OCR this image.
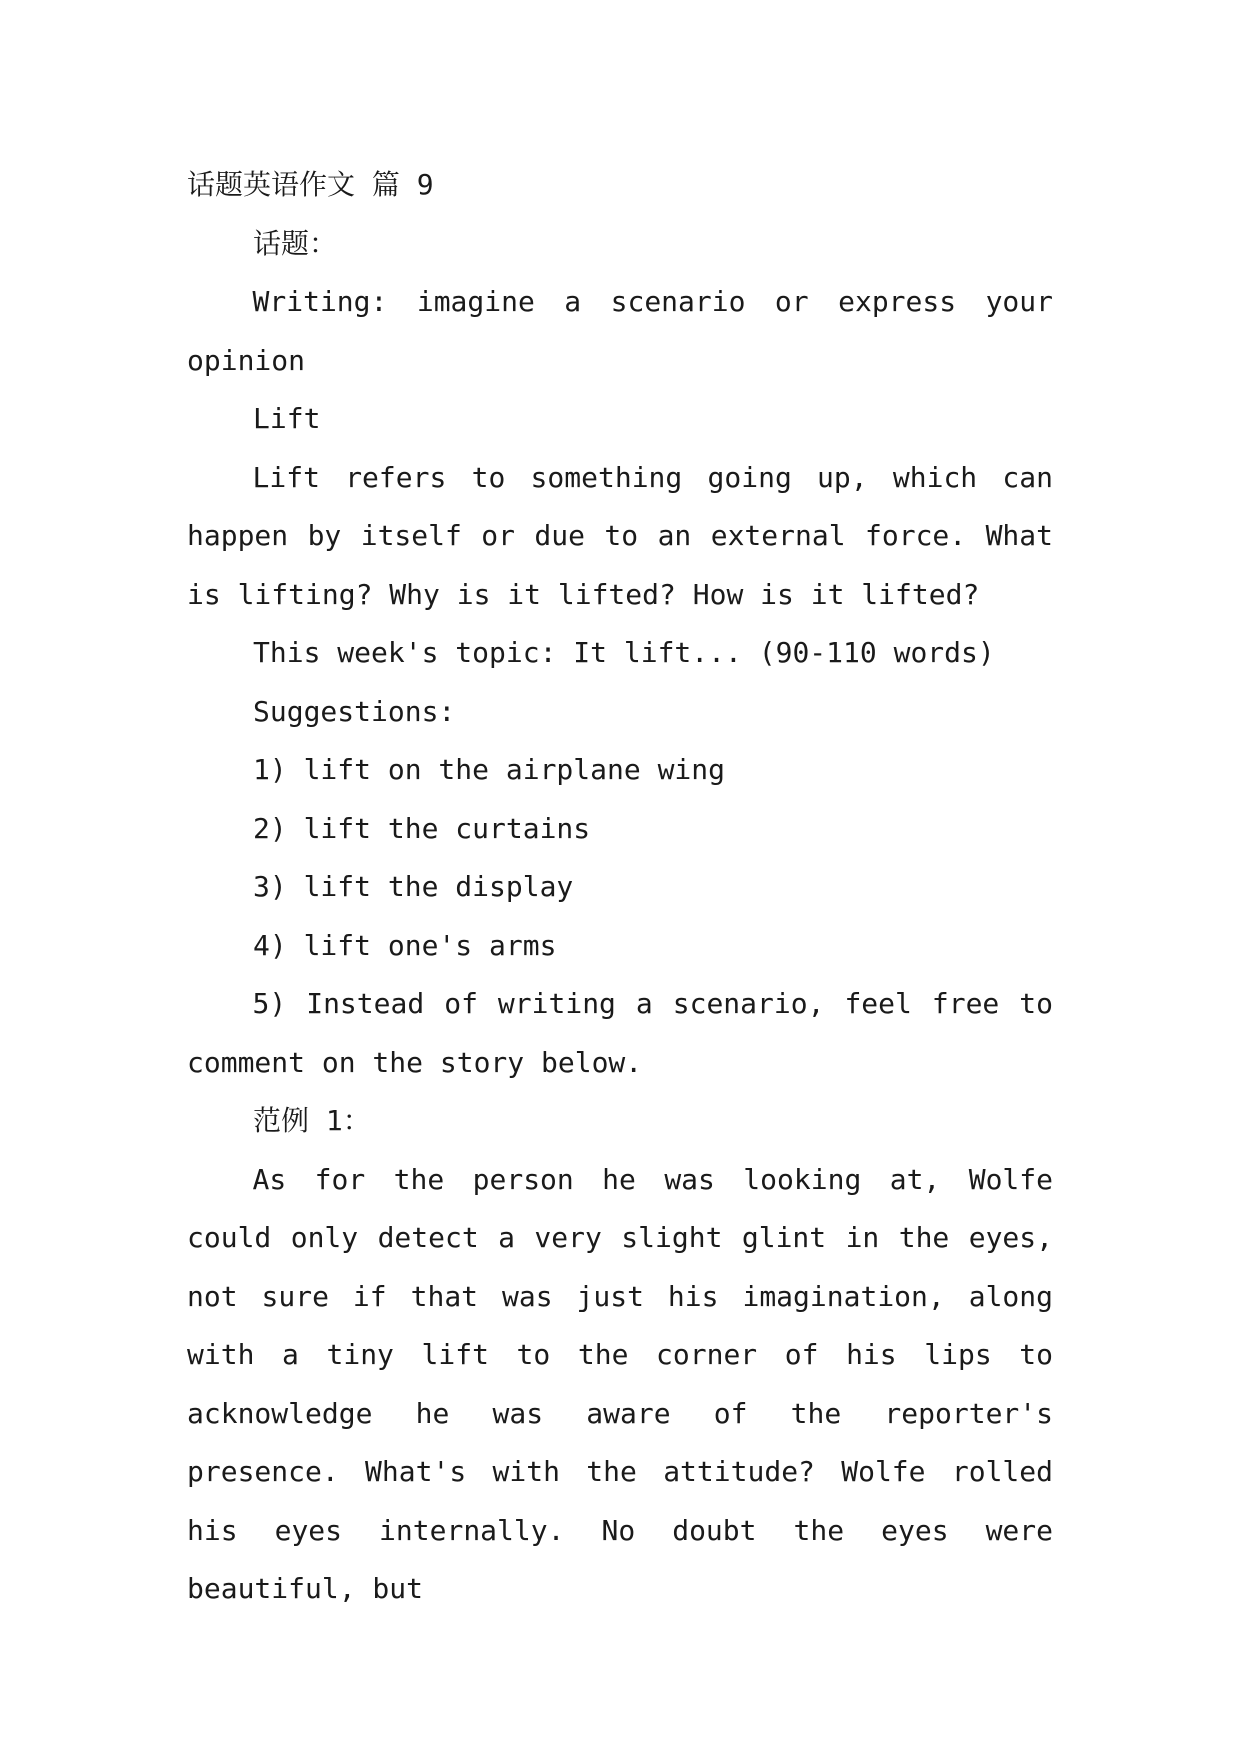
话题英语作文 篇 9
话题：
Writing: imagine a scenario or express your opinion
Lift
Lift refers to something going up, which can happen by itself or due to an external force. What is lifting? Why is it lifted? How is it lifted?
This week's topic: It lift... (90-110 words)
Suggestions:
1) lift on the airplane wing
2) lift the curtains
3) lift the display
4) lift one's arms
5) Instead of writing a scenario, feel free to comment on the story below.
范例 1：
As for the person he was looking at, Wolfe could only detect a very slight glint in the eyes, not sure if that was just his imagination, along with a tiny lift to the corner of his lips to acknowledge he was aware of the reporter's presence. What's with the attitude? Wolfe rolled his eyes internally. No doubt the eyes were beautiful, but
